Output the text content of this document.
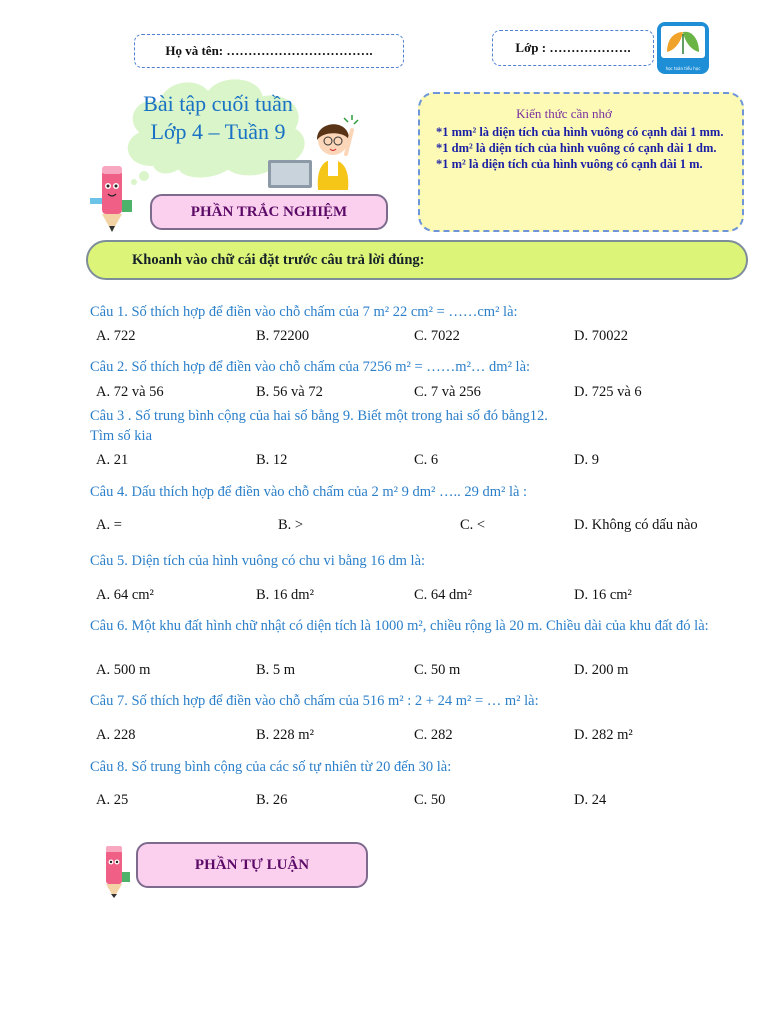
Họ và tên: …………………………….	Lớp : ……………….
học toán tiểu học
Bài tập cuối tuần
Lớp 4 – Tuần 9
Kiến thức cần nhớ
*1 mm² là diện tích của hình vuông có cạnh dài 1 mm.
*1 dm² là diện tích của hình vuông có cạnh dài 1 dm.
*1 m² là diện tích của hình vuông có cạnh dài 1 m.
PHẦN TRẮC NGHIỆM
Khoanh vào chữ cái đặt trước câu trả lời đúng:
Câu 1. Số thích hợp để điền vào chỗ chấm của 7 m² 22 cm² = ……cm² là:
A. 722	B. 72200	C. 7022	D. 70022
Câu 2. Số thích hợp để điền vào chỗ chấm của 7256 m² = ……m²… dm² là:
A. 72 và 56	B. 56 và 72	C. 7 và 256	D. 725 và 6
Câu 3 . Số trung bình cộng của hai số bằng 9. Biết một trong hai số đó bằng12.
Tìm số kia
A. 21	B. 12	C. 6	D. 9
Câu 4. Dấu thích hợp để điền vào chỗ chấm của 2 m² 9 dm² ….. 29 dm² là :
A. =	B. >	C. <	D. Không có dấu nào
Câu 5. Diện tích của hình vuông có chu vi bằng 16 dm là:
A. 64 cm²	B. 16 dm²	C. 64 dm²	D. 16 cm²
Câu 6. Một khu đất hình chữ nhật có diện tích là 1000 m², chiều rộng là 20 m. Chiều dài của khu đất đó là:
A. 500 m	B. 5 m	C. 50 m	D. 200 m
Câu 7. Số thích hợp để điền vào chỗ chấm của 516 m² : 2 + 24 m² = … m² là:
A. 228	B. 228 m²	C. 282	D. 282 m²
Câu 8. Số trung bình cộng của các số tự nhiên từ 20 đến 30 là:
A. 25	B. 26	C. 50	D. 24
PHẦN TỰ LUẬN
